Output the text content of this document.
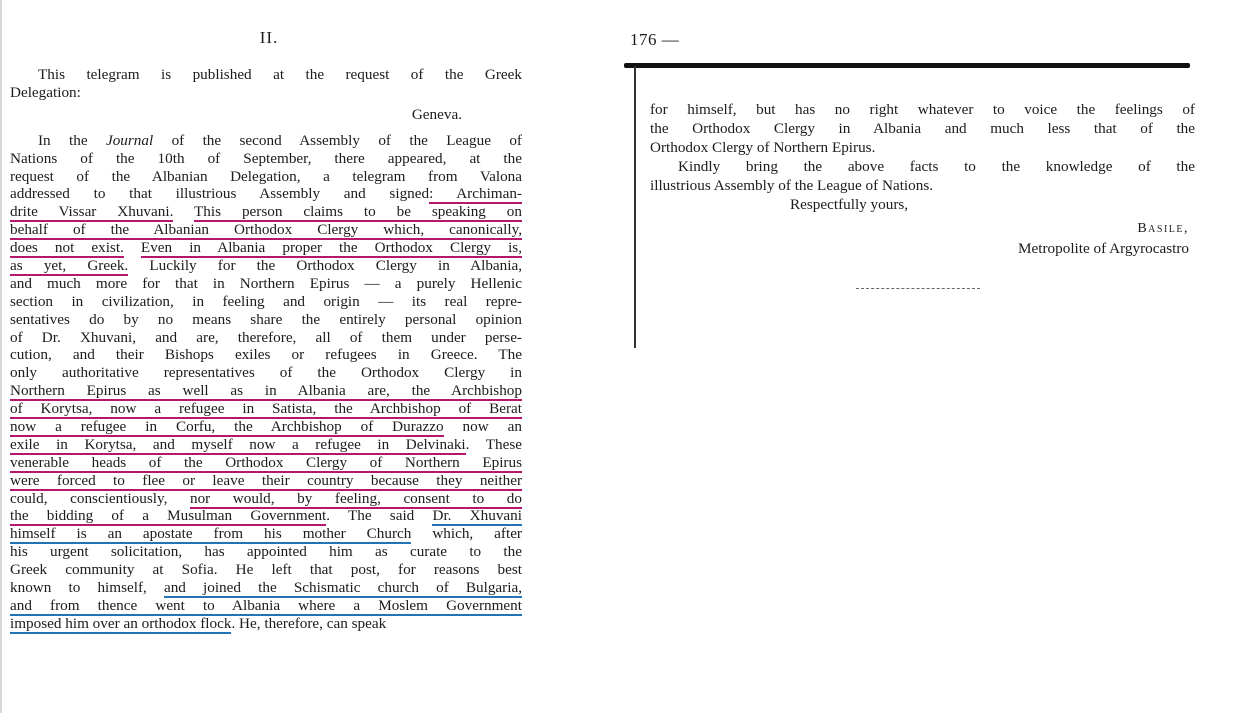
II.
This telegram is published at the request of the Greek
Delegation:
Geneva.
In the Journal of the second Assembly of the League of
Nations of the 10th of September, there appeared, at the
request of the Albanian Delegation, a telegram from Valona
addressed to that illustrious Assembly and signed: Archiman-
drite Vissar Xhuvani. This person claims to be speaking on
behalf of the Albanian Orthodox Clergy which, canonically,
does not exist. Even in Albania proper the Orthodox Clergy is,
as yet, Greek. Luckily for the Orthodox Clergy in Albania,
and much more for that in Northern Epirus — a purely Hellenic
section in civilization, in feeling and origin — its real repre-
sentatives do by no means share the entirely personal opinion
of Dr. Xhuvani, and are, therefore, all of them under perse-
cution, and their Bishops exiles or refugees in Greece. The
only authoritative representatives of the Orthodox Clergy in
Northern Epirus as well as in Albania are, the Archbishop
of Korytsa, now a refugee in Satista, the Archbishop of Berat
now a refugee in Corfu, the Archbishop of Durazzo now an
exile in Korytsa, and myself now a refugee in Delvinaki. These
venerable heads of the Orthodox Clergy of Northern Epirus
were forced to flee or leave their country because they neither
could, conscientiously, nor would, by feeling, consent to do
the bidding of a Musulman Government. The said Dr. Xhuvani
himself is an apostate from his mother Church which, after
his urgent solicitation, has appointed him as curate to the
Greek community at Sofia. He left that post, for reasons best
known to himself, and joined the Schismatic church of Bulgaria,
and from thence went to Albania where a Moslem Government
imposed him over an orthodox flock. He, therefore, can speak
176 —
for himself, but has no right whatever to voice the feelings of
the Orthodox Clergy in Albania and much less that of the
Orthodox Clergy of Northern Epirus.
Kindly bring the above facts to the knowledge of the
illustrious Assembly of the League of Nations.
Respectfully yours,
Basile,
Metropolite of Argyrocastro
